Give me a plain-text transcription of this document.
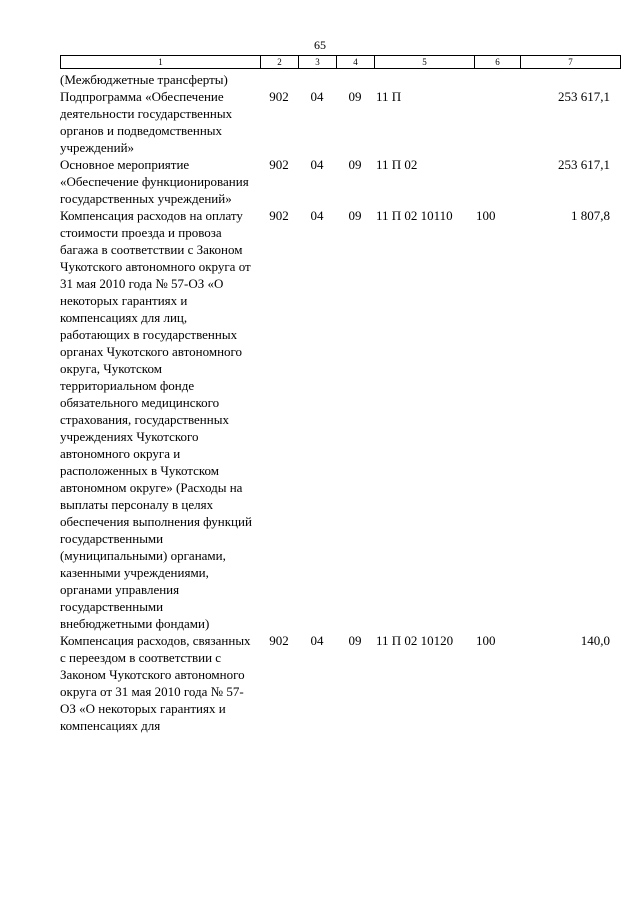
65
1	2	3	4	5	6	7
(Межбюджетные трансферты)						
Подпрограмма «Обеспечение деятельности государственных органов и подведомственных учреждений»	902	04	09	11 П		253 617,1
Основное мероприятие «Обеспечение функционирования государственных учреждений»	902	04	09	11 П 02		253 617,1
Компенсация расходов на оплату стоимости проезда и провоза багажа в соответствии с Законом Чукотского автономного округа от 31 мая 2010 года № 57-ОЗ «О некоторых гарантиях и компенсациях для лиц, работающих в государственных органах Чукотского автономного округа, Чукотском территориальном фонде обязательного медицинского страхования, государственных учреждениях Чукотского автономного округа и расположенных в Чукотском автономном округе» (Расходы на выплаты персоналу в целях обеспечения выполнения функций государственными (муниципальными) органами, казенными учреждениями, органами управления государственными внебюджетными фондами)	902	04	09	11 П 02 10110	100	1 807,8
Компенсация расходов, связанных с переездом в соответствии с Законом Чукотского автономного округа от 31 мая 2010 года № 57-ОЗ «О некоторых гарантиях и компенсациях для	902	04	09	11 П 02 10120	100	140,0
